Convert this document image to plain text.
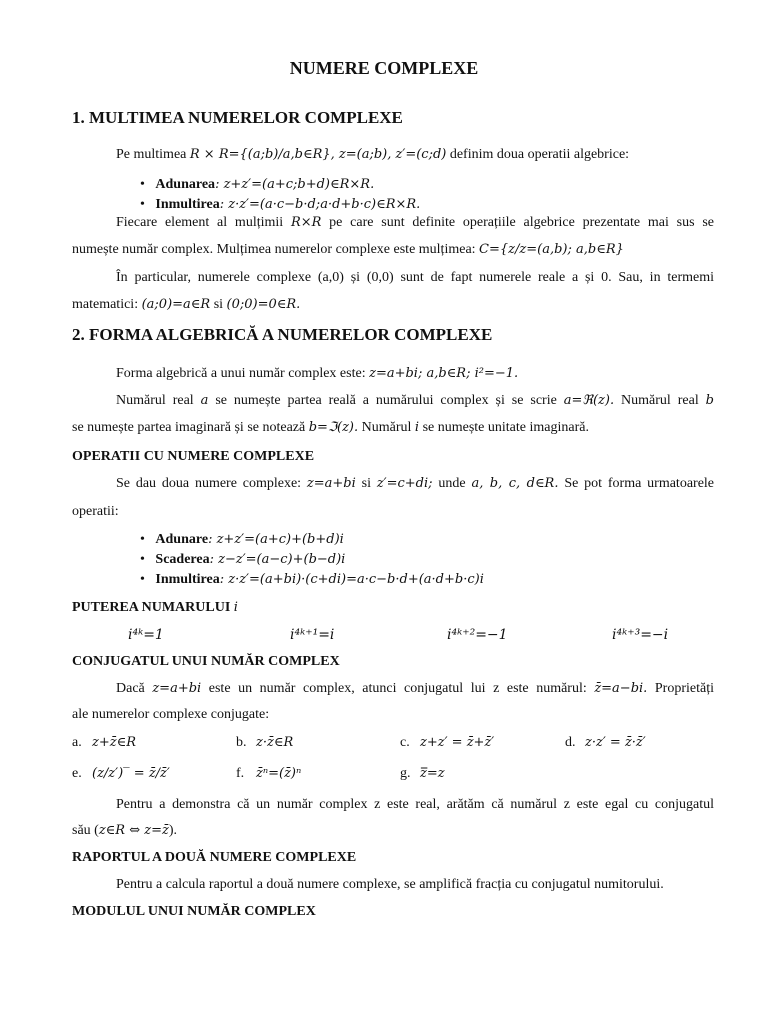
NUMERE COMPLEXE
1. MULTIMEA NUMERELOR COMPLEXE
Pe multimea R × R={(a;b)/a,b∈R}, z=(a;b), z′=(c;d) definim doua operatii algebrice:
•   Adunarea: z+z′=(a+c;b+d)∈R×R.
•   Inmultirea: z·z′=(a·c−b·d;a·d+b·c)∈R×R.
Fiecare element al mulțimii R×R pe care sunt definite operațiile algebrice prezentate mai sus se
numește număr complex. Mulțimea numerelor complexe este mulțimea: C={z/z=(a,b); a,b∈R}
În particular, numerele complexe (a,0) și (0,0) sunt de fapt numerele reale a și 0. Sau, in termemi
matematici: (a;0)=a∈R si (0;0)=0∈R.
2. FORMA ALGEBRICĂ A NUMERELOR COMPLEXE
Forma algebrică a unui număr complex este: z=a+bi; a,b∈R; i²=−1.
Numărul real a se numește partea reală a numărului complex și se scrie a=ℜ(z). Numărul real b
se numește partea imaginară și se notează b=ℑ(z). Numărul i se numește unitate imaginară.
OPERATII CU NUMERE COMPLEXE
Se dau doua numere complexe: z=a+bi si z′=c+di; unde a, b, c, d∈R. Se pot forma urmatoarele
operatii:
•   Adunare: z+z′=(a+c)+(b+d)i
•   Scaderea: z−z′=(a−c)+(b−d)i
•   Inmultirea: z·z′=(a+bi)·(c+di)=a·c−b·d+(a·d+b·c)i
PUTEREA NUMARULUI i
i⁴ᵏ=1	i⁴ᵏ⁺¹=i	i⁴ᵏ⁺²=−1	i⁴ᵏ⁺³=−i
CONJUGATUL UNUI NUMĂR COMPLEX
Dacă z=a+bi este un număr complex, atunci conjugatul lui z este numărul: z̄=a−bi. Proprietăți
ale numerelor complexe conjugate:
a. z+z̄∈R	b. z·z̄∈R	c. z+z′ = z̄+z̄′	d. z·z′ = z̄·z̄′
e. (z/z′)‾ = z̄/z̄′	f. z̄ⁿ=(z̄)ⁿ	g. z̿=z
Pentru a demonstra că un număr complex z este real, arătăm că numărul z este egal cu conjugatul
său (z∈R ⇔ z=z̄).
RAPORTUL A DOUĂ NUMERE COMPLEXE
Pentru a calcula raportul a două numere complexe, se amplifică fracția cu conjugatul numitorului.
MODULUL UNUI NUMĂR COMPLEX
